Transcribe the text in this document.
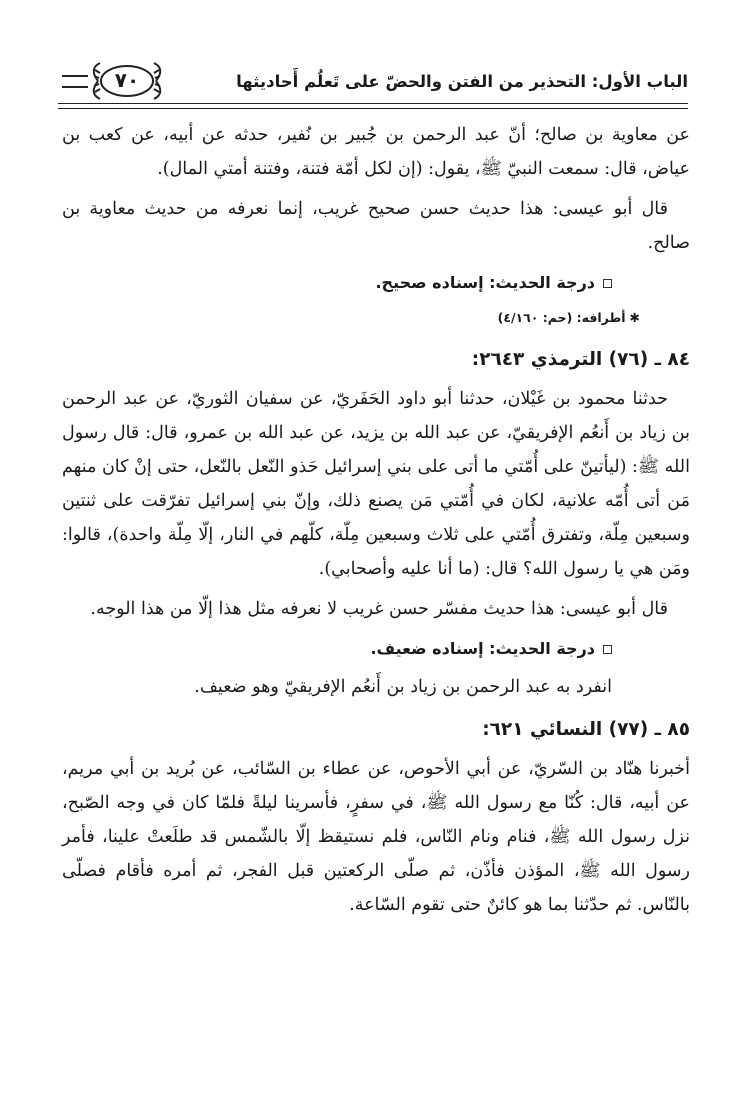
الباب الأول: التحذير من الفتن والحضّ على تَعلُم أَحاديثها
٧٠

عن معاوية بن صالح؛ أنّ عبد الرحمن بن جُبير بن نُفير، حدثه عن أبيه، عن كعب بن عياض، قال: سمعت النبيّ ﷺ، يقول: (إن لكل أمّة فتنة، وفتنة أمتي المال).

قال أبو عيسى: هذا حديث حسن صحيح غريب، إنما نعرفه من حديث معاوية بن صالح.

درجة الحديث: إسناده صحيح.
✱أطرافه: (حم: ٤/١٦٠)
٨٤ ـ (٧٦) الترمذي ٢٦٤٣:

حدثنا محمود بن غَيْلان، حدثنا أبو داود الحَفَريّ، عن سفيان الثوريّ، عن عبد الرحمن بن زياد بن أَنعُم الإفريقيّ، عن عبد الله بن يزيد، عن عبد الله بن عمرو، قال: قال رسول الله ﷺ: (ليأتينّ على أُمّتي ما أتى على بني إسرائيل حَذو النّعل بالنّعل، حتى إنْ كان منهم مَن أتى أُمّه علانية، لكان في أُمّتي مَن يصنع ذلك، وإنّ بني إسرائيل تفرّقت على ثنتين وسبعين مِلّة، وتفترق أُمّتي على ثلاث وسبعين مِلّة، كلّهم في النار، إلّا مِلّة واحدة)، قالوا: ومَن هي يا رسول الله؟ قال: (ما أنا عليه وأصحابي).

قال أبو عيسى: هذا حديث مفسّر حسن غريب لا نعرفه مثل هذا إلّا من هذا الوجه.

درجة الحديث: إسناده ضعيف.

انفرد به عبد الرحمن بن زياد بن أَنعُم الإفريقيّ وهو ضعيف.

٨٥ ـ (٧٧) النسائي ٦٢١:

أخبرنا هنّاد بن السّريّ، عن أبي الأحوص، عن عطاء بن السّائب، عن بُريد بن أبي مريم، عن أبيه، قال: كُنّا مع رسول الله ﷺ، في سفرٍ، فأسرينا ليلةً فلمّا كان في وجه الصّبح، نزل رسول الله ﷺ، فنام ونام النّاس، فلم نستيقظ إلّا بالشّمس قد طلَعتْ علينا، فأمر رسول الله ﷺ، المؤذن فأذّن، ثم صلّى الركعتين قبل الفجر، ثم أمره فأقام فصلّى بالنّاس. ثم حدّثنا بما هو كائنٌ حتى تقوم السّاعة.
